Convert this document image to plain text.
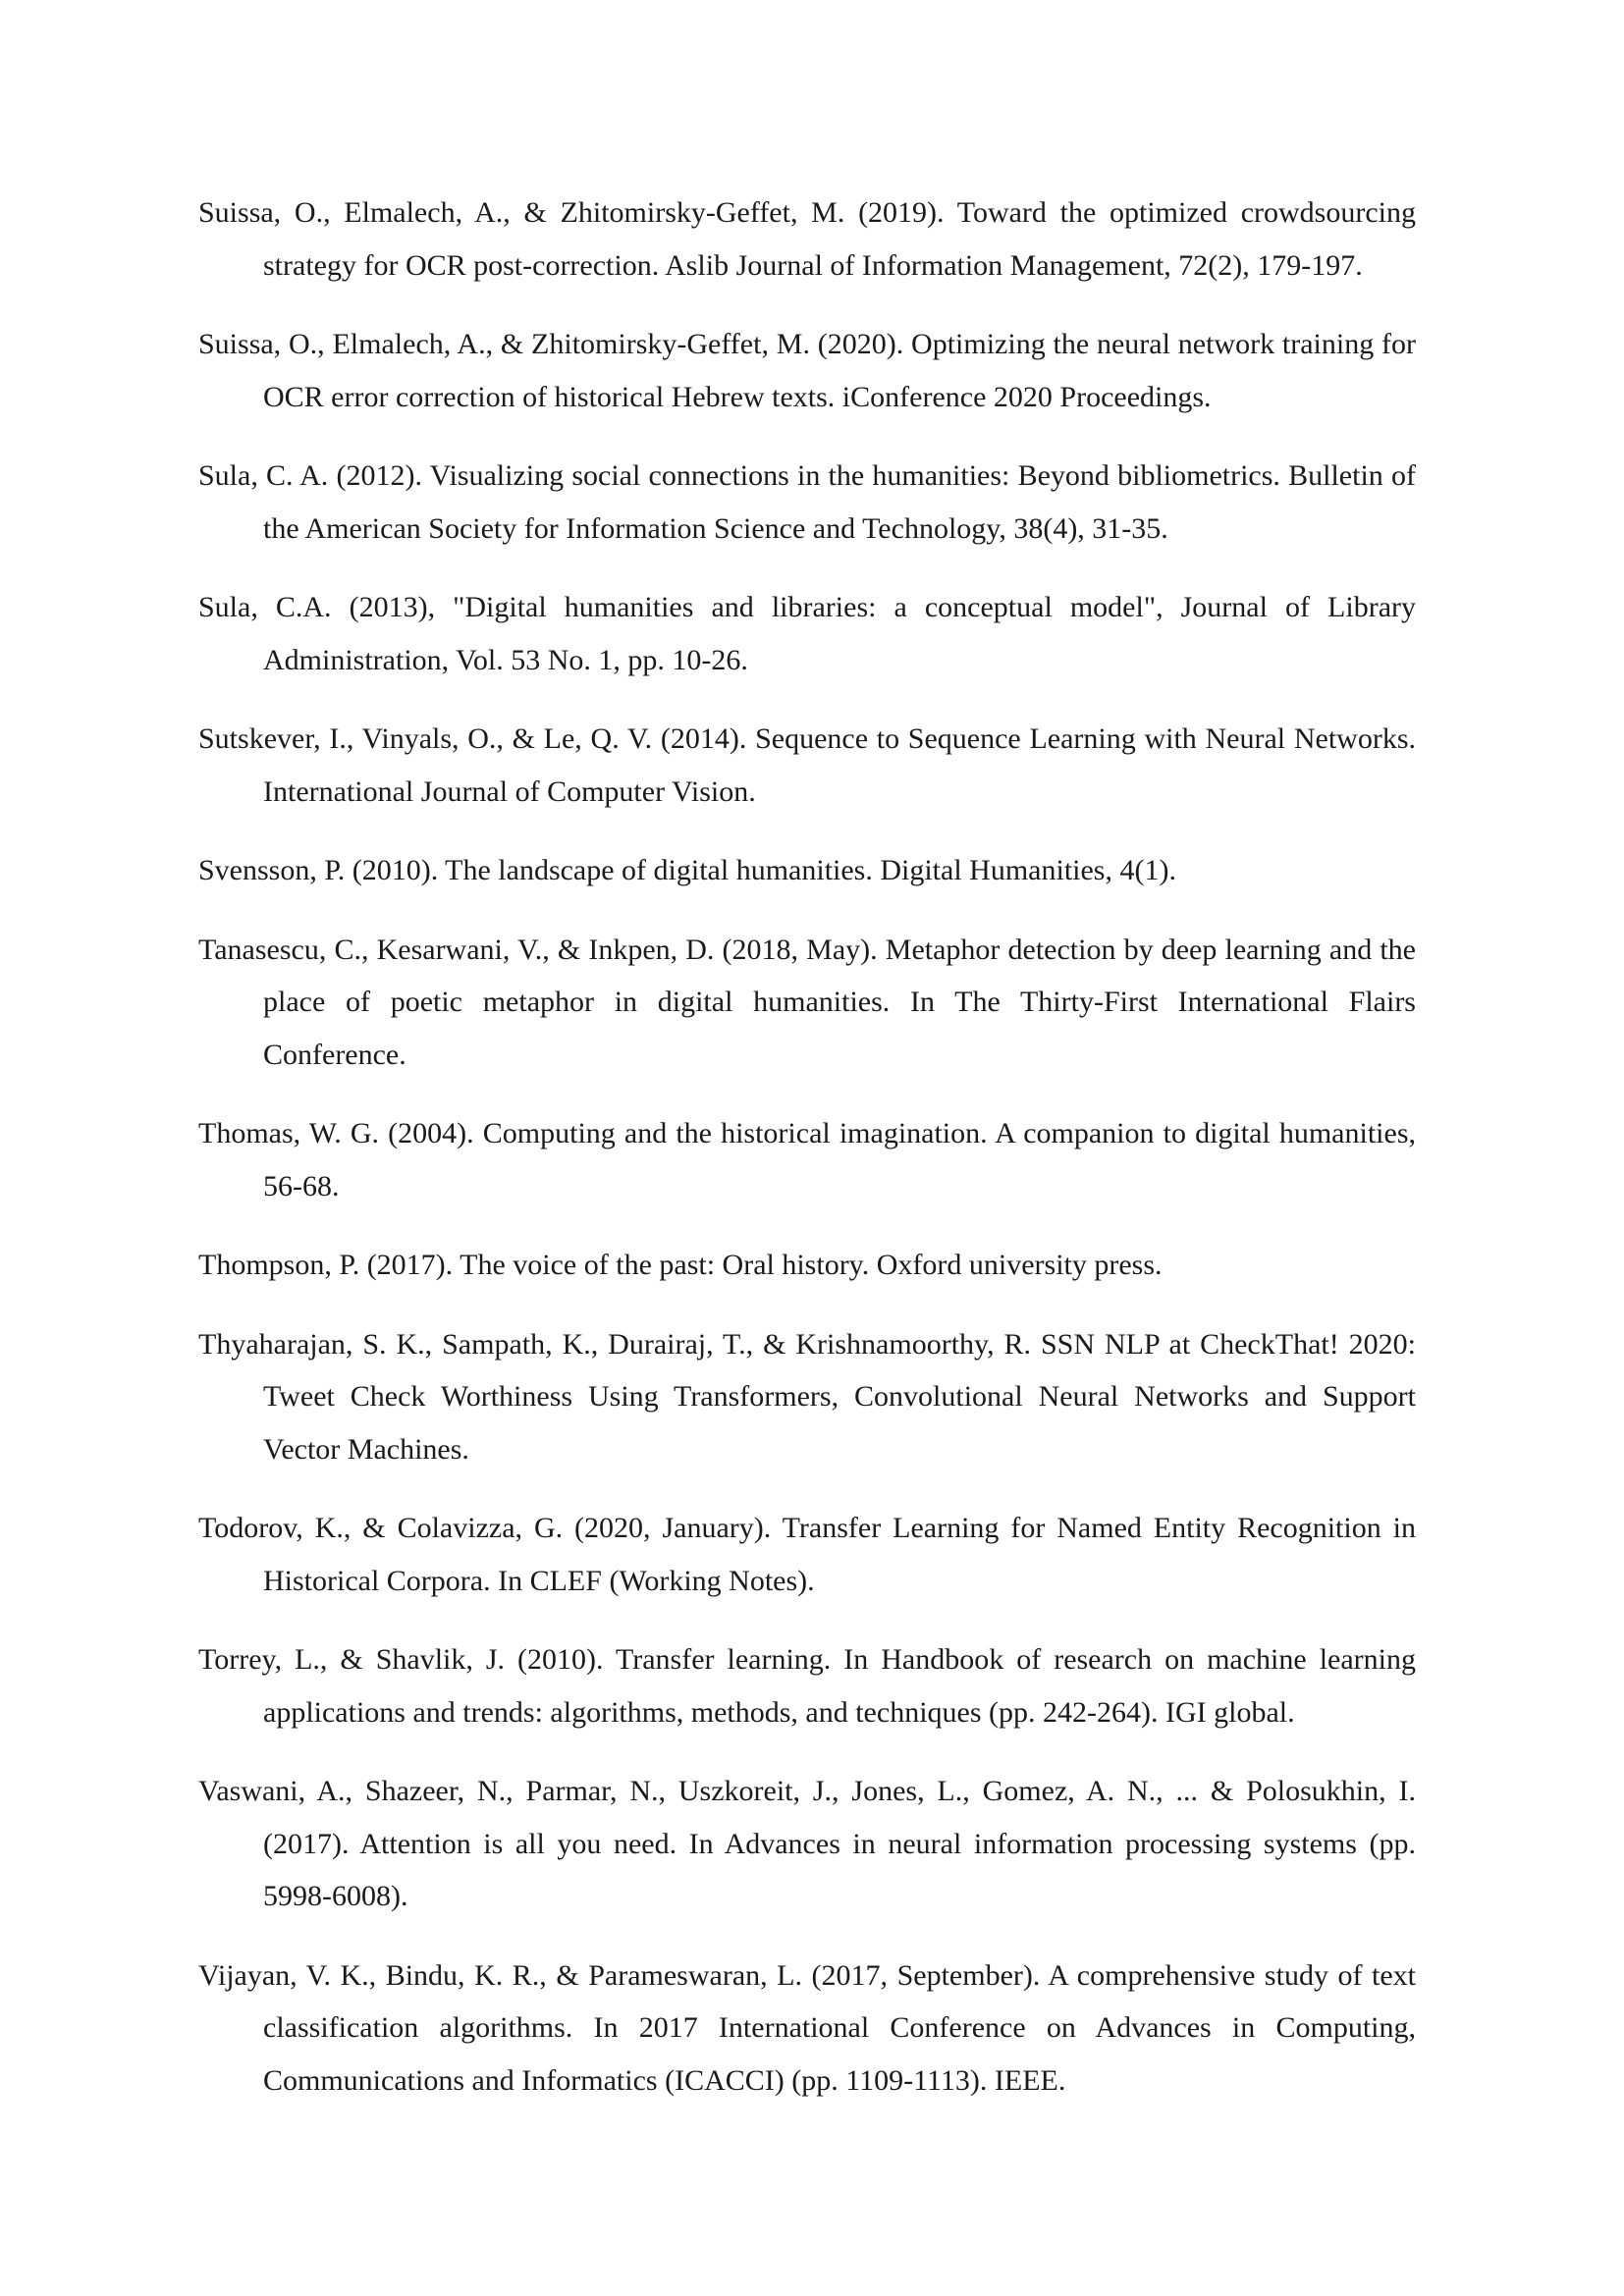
Suissa, O., Elmalech, A., & Zhitomirsky-Geffet, M. (2019). Toward the optimized crowdsourcing strategy for OCR post-correction. Aslib Journal of Information Management, 72(2), 179-197.
Suissa, O., Elmalech, A., & Zhitomirsky-Geffet, M. (2020). Optimizing the neural network training for OCR error correction of historical Hebrew texts. iConference 2020 Proceedings.
Sula, C. A. (2012). Visualizing social connections in the humanities: Beyond bibliometrics. Bulletin of the American Society for Information Science and Technology, 38(4), 31-35.
Sula, C.A. (2013), "Digital humanities and libraries: a conceptual model", Journal of Library Administration, Vol. 53 No. 1, pp. 10-26.
Sutskever, I., Vinyals, O., & Le, Q. V. (2014). Sequence to Sequence Learning with Neural Networks. International Journal of Computer Vision.
Svensson, P. (2010). The landscape of digital humanities. Digital Humanities, 4(1).
Tanasescu, C., Kesarwani, V., & Inkpen, D. (2018, May). Metaphor detection by deep learning and the place of poetic metaphor in digital humanities. In The Thirty-First International Flairs Conference.
Thomas, W. G. (2004). Computing and the historical imagination. A companion to digital humanities, 56-68.
Thompson, P. (2017). The voice of the past: Oral history. Oxford university press.
Thyaharajan, S. K., Sampath, K., Durairaj, T., & Krishnamoorthy, R. SSN NLP at CheckThat! 2020: Tweet Check Worthiness Using Transformers, Convolutional Neural Networks and Support Vector Machines.
Todorov, K., & Colavizza, G. (2020, January). Transfer Learning for Named Entity Recognition in Historical Corpora. In CLEF (Working Notes).
Torrey, L., & Shavlik, J. (2010). Transfer learning. In Handbook of research on machine learning applications and trends: algorithms, methods, and techniques (pp. 242-264). IGI global.
Vaswani, A., Shazeer, N., Parmar, N., Uszkoreit, J., Jones, L., Gomez, A. N., ... & Polosukhin, I. (2017). Attention is all you need. In Advances in neural information processing systems (pp. 5998-6008).
Vijayan, V. K., Bindu, K. R., & Parameswaran, L. (2017, September). A comprehensive study of text classification algorithms. In 2017 International Conference on Advances in Computing, Communications and Informatics (ICACCI) (pp. 1109-1113). IEEE.
